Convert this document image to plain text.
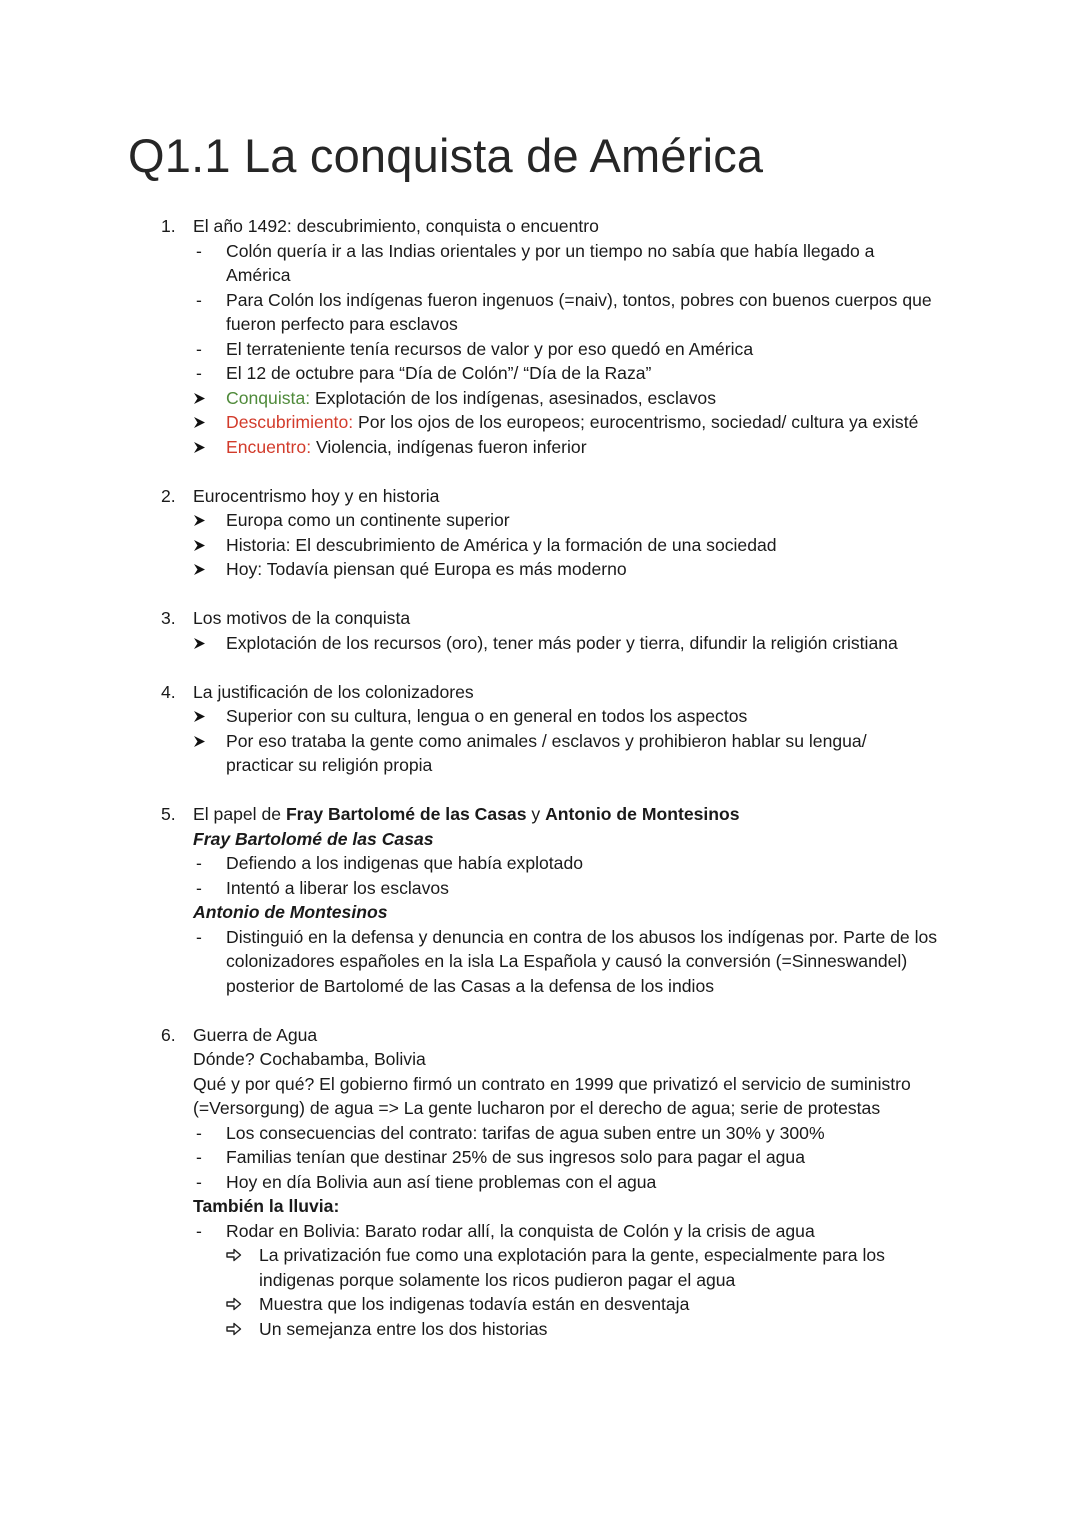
Q1.1 La conquista de América
1. El año 1492: descubrimiento, conquista o encuentro
- Colón quería ir a las Indias orientales y por un tiempo no sabía que había llegado a
América
- Para Colón los indígenas fueron ingenuos (=naiv), tontos, pobres con buenos cuerpos que
fueron perfecto para esclavos
- El terrateniente tenía recursos de valor y por eso quedó en América
- El 12 de octubre para “Día de Colón”/ “Día de la Raza”
Conquista: Explotación de los indígenas, asesinados, esclavos
Descubrimiento: Por los ojos de los europeos; eurocentrismo, sociedad/ cultura ya existé
Encuentro: Violencia, indígenas fueron inferior
2. Eurocentrismo hoy y en historia
Europa como un continente superior
Historia: El descubrimiento de América y la formación de una sociedad
Hoy: Todavía piensan qué Europa es más moderno
3. Los motivos de la conquista
Explotación de los recursos (oro), tener más poder y tierra, difundir la religión cristiana
4. La justificación de los colonizadores
Superior con su cultura, lengua o en general en todos los aspectos
Por eso trataba la gente como animales / esclavos y prohibieron hablar su lengua/
practicar su religión propia
5. El papel de Fray Bartolomé de las Casas y Antonio de Montesinos
Fray Bartolomé de las Casas
- Defiendo a los indigenas que había explotado
- Intentó a liberar los esclavos
Antonio de Montesinos
- Distinguió en la defensa y denuncia en contra de los abusos los indígenas por. Parte de los
colonizadores españoles en la isla La Española y causó la conversión (=Sinneswandel)
posterior de Bartolomé de las Casas a la defensa de los indios
6. Guerra de Agua
Dónde? Cochabamba, Bolivia
Qué y por qué? El gobierno firmó un contrato en 1999 que privatizó el servicio de suministro
(=Versorgung) de agua => La gente lucharon por el derecho de agua; serie de protestas
- Los consecuencias del contrato: tarifas de agua suben entre un 30% y 300%
- Familias tenían que destinar 25% de sus ingresos solo para pagar el agua
- Hoy en día Bolivia aun así tiene problemas con el agua
También la lluvia:
- Rodar en Bolivia: Barato rodar allí, la conquista de Colón y la crisis de agua
La privatización fue como una explotación para la gente, especialmente para los
indigenas porque solamente los ricos pudieron pagar el agua
Muestra que los indigenas todavía están en desventaja
Un semejanza entre los dos historias
